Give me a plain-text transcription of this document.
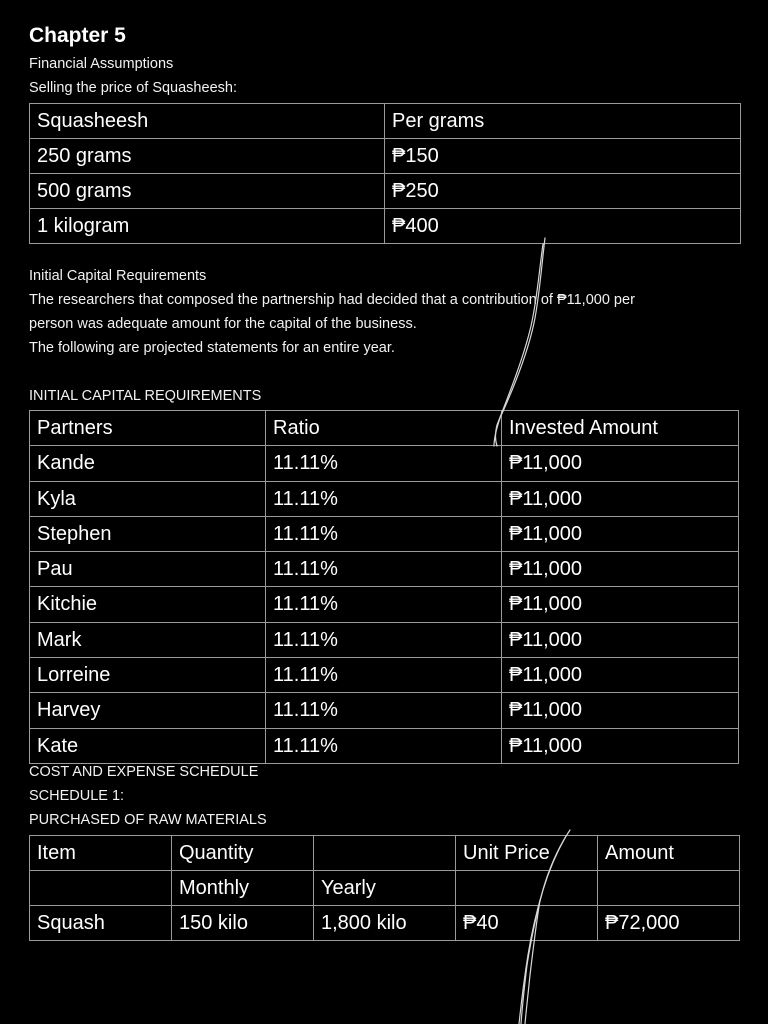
Chapter 5
Financial Assumptions
Selling the price of Squasheesh:
Squasheesh	Per grams
250 grams	₱150
500 grams	₱250
1 kilogram	₱400
Initial Capital Requirements
The researchers that composed the partnership had decided that a contribution of ₱11,000 per
person was adequate amount for the capital of the business.
The following are projected statements for an entire year.
INITIAL CAPITAL REQUIREMENTS
Partners	Ratio	Invested Amount
Kande	11.11%	₱11,000
Kyla	11.11%	₱11,000
Stephen	11.11%	₱11,000
Pau	11.11%	₱11,000
Kitchie	11.11%	₱11,000
Mark	11.11%	₱11,000
Lorreine	11.11%	₱11,000
Harvey	11.11%	₱11,000
Kate	11.11%	₱11,000
COST AND EXPENSE SCHEDULE
SCHEDULE 1:
PURCHASED OF RAW MATERIALS
Item	Quantity		Unit Price	Amount
	Monthly	Yearly		
Squash	150 kilo	1,800 kilo	₱40	₱72,000
